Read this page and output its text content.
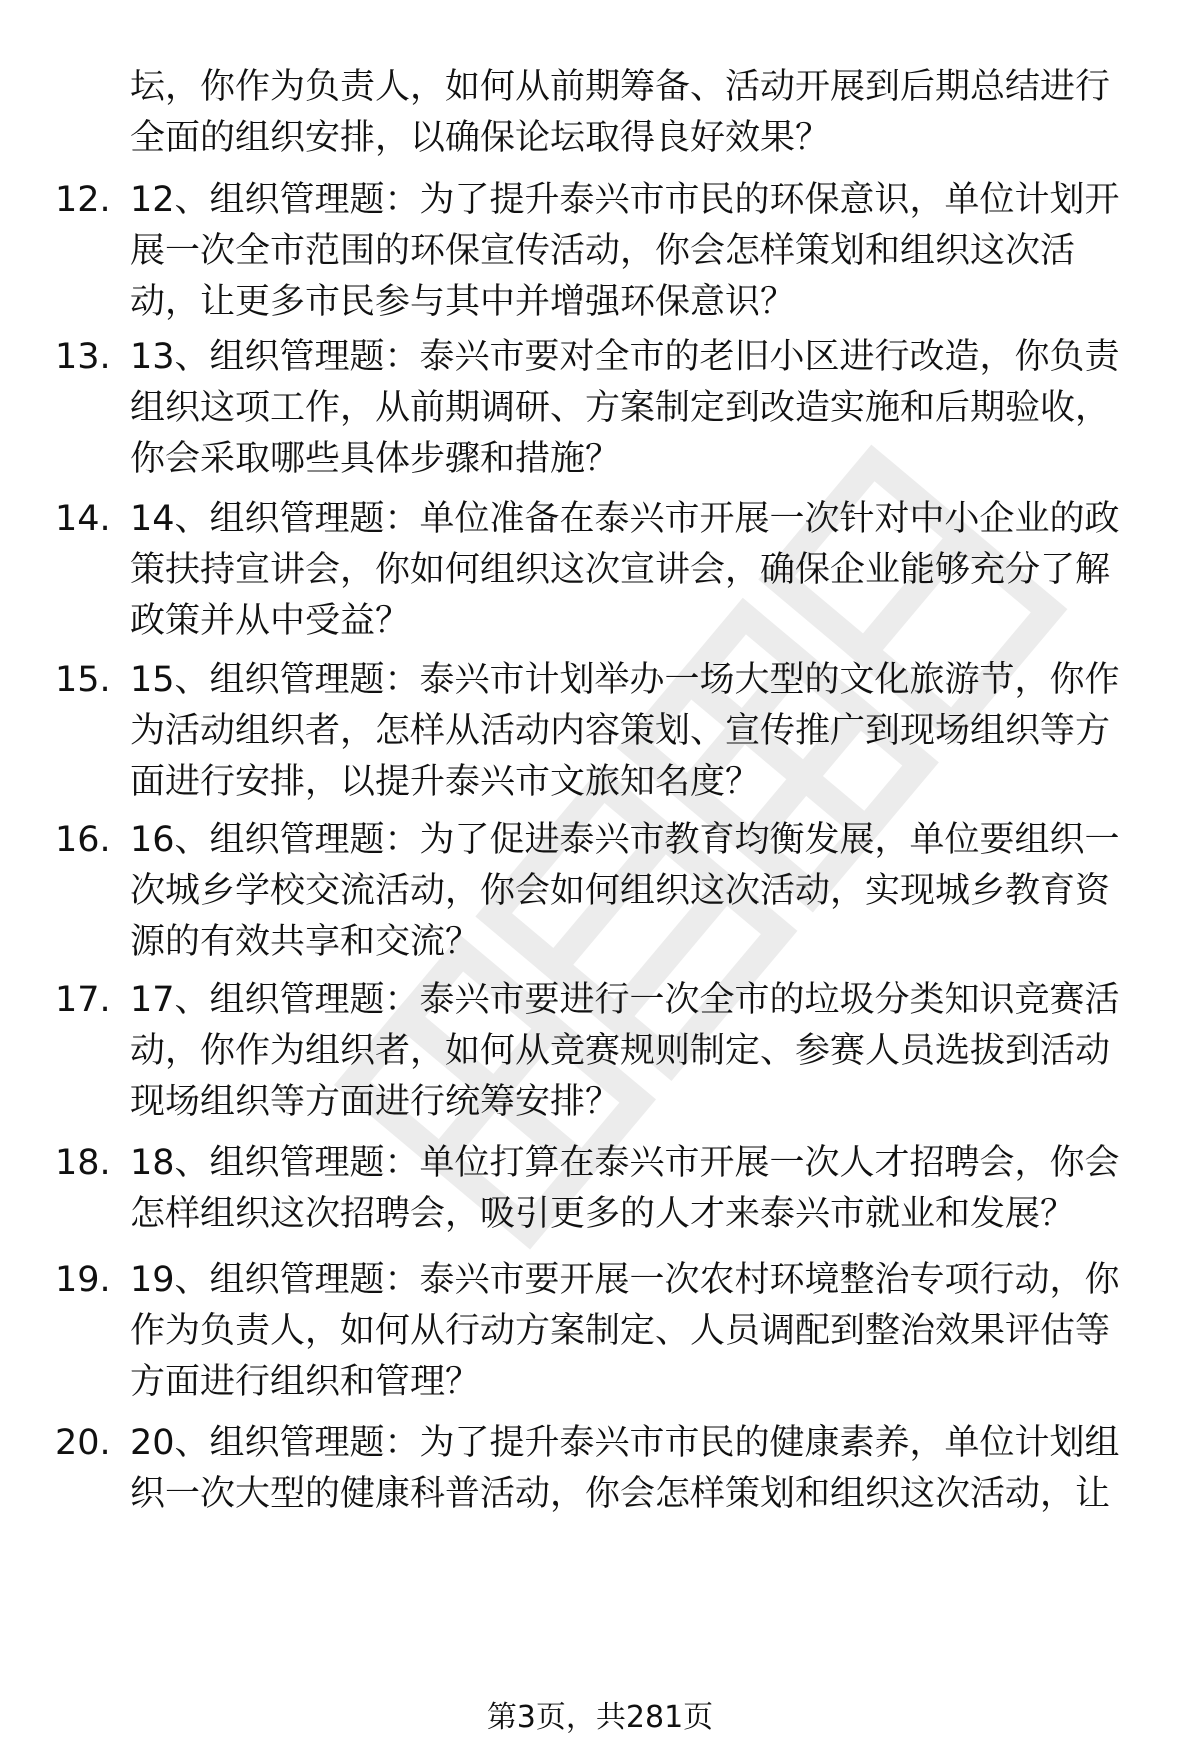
坛，你作为负责人，如何从前期筹备、活动开展到后期总结进行
全面的组织安排，以确保论坛取得良好效果？
12. 12、组织管理题：为了提升泰兴市市民的环保意识，单位计划开
展一次全市范围的环保宣传活动，你会怎样策划和组织这次活
动，让更多市民参与其中并增强环保意识？
13. 13、组织管理题：泰兴市要对全市的老旧小区进行改造，你负责
组织这项工作，从前期调研、方案制定到改造实施和后期验收，
你会采取哪些具体步骤和措施？
14. 14、组织管理题：单位准备在泰兴市开展一次针对中小企业的政
策扶持宣讲会，你如何组织这次宣讲会，确保企业能够充分了解
政策并从中受益？
15. 15、组织管理题：泰兴市计划举办一场大型的文化旅游节，你作
为活动组织者，怎样从活动内容策划、宣传推广到现场组织等方
面进行安排，以提升泰兴市文旅知名度？
16. 16、组织管理题：为了促进泰兴市教育均衡发展，单位要组织一
次城乡学校交流活动，你会如何组织这次活动，实现城乡教育资
源的有效共享和交流？
17. 17、组织管理题：泰兴市要进行一次全市的垃圾分类知识竞赛活
动，你作为组织者，如何从竞赛规则制定、参赛人员选拔到活动
现场组织等方面进行统筹安排？
18. 18、组织管理题：单位打算在泰兴市开展一次人才招聘会，你会
怎样组织这次招聘会，吸引更多的人才来泰兴市就业和发展？
19. 19、组织管理题：泰兴市要开展一次农村环境整治专项行动，你
作为负责人，如何从行动方案制定、人员调配到整治效果评估等
方面进行组织和管理？
20. 20、组织管理题：为了提升泰兴市市民的健康素养，单位计划组
织一次大型的健康科普活动，你会怎样策划和组织这次活动，让
第3页，共281页
